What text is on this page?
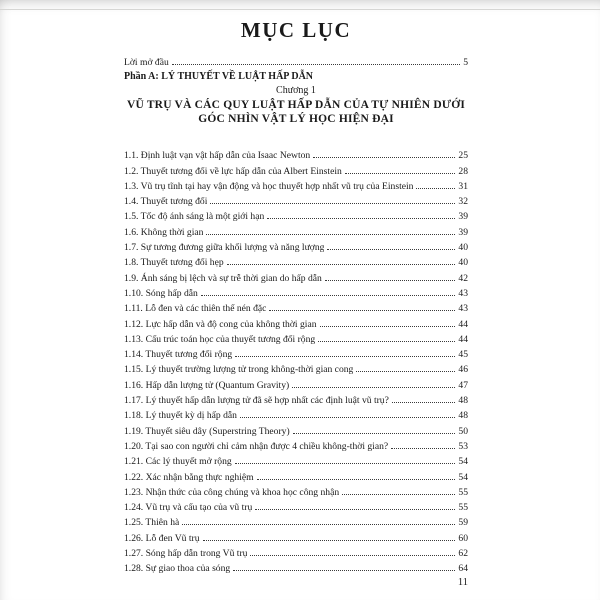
MỤC LỤC
Lời mở đầu	5
Phần A: LÝ THUYẾT VỀ LUẬT HẤP DẪN
Chương 1
VŨ TRỤ VÀ CÁC QUY LUẬT HẤP DẪN CỦA TỰ NHIÊN DƯỚI GÓC NHÌN VẬT LÝ HỌC HIỆN ĐẠI
1.1. Định luật vạn vật hấp dẫn của Isaac Newton	25
1.2. Thuyết tương đối về lực hấp dẫn của Albert Einstein	28
1.3. Vũ trụ tĩnh tại hay vận động và học thuyết hợp nhất vũ trụ của Einstein	31
1.4. Thuyết tương đối	32
1.5. Tốc độ ánh sáng là một giới hạn	39
1.6. Không thời gian	39
1.7. Sự tương đương giữa khối lượng và năng lượng	40
1.8. Thuyết tương đối hẹp	40
1.9. Ánh sáng bị lệch và sự trễ thời gian do hấp dẫn	42
1.10. Sóng hấp dẫn	43
1.11. Lỗ đen và các thiên thể nén đặc	43
1.12. Lực hấp dẫn và độ cong của không thời gian	44
1.13. Cấu trúc toán học của thuyết tương đối rộng	44
1.14. Thuyết tương đối rộng	45
1.15. Lý thuyết trường lượng tử trong không-thời gian cong	46
1.16. Hấp dẫn lượng tử (Quantum Gravity)	47
1.17. Lý thuyết hấp dẫn lượng tử đã sẽ hợp nhất các định luật vũ trụ?	48
1.18. Lý thuyết kỳ dị hấp dẫn	48
1.19. Thuyết siêu dây (Superstring Theory)	50
1.20. Tại sao con người chỉ cảm nhận được 4 chiều không-thời gian?	53
1.21. Các lý thuyết mở rộng	54
1.22. Xác nhận bằng thực nghiệm	54
1.23. Nhận thức của công chúng và khoa học công nhận	55
1.24. Vũ trụ và cấu tạo của vũ trụ	55
1.25. Thiên hà	59
1.26. Lỗ đen Vũ trụ	60
1.27. Sóng hấp dẫn trong Vũ trụ	62
1.28. Sự giao thoa của sóng	64
11
